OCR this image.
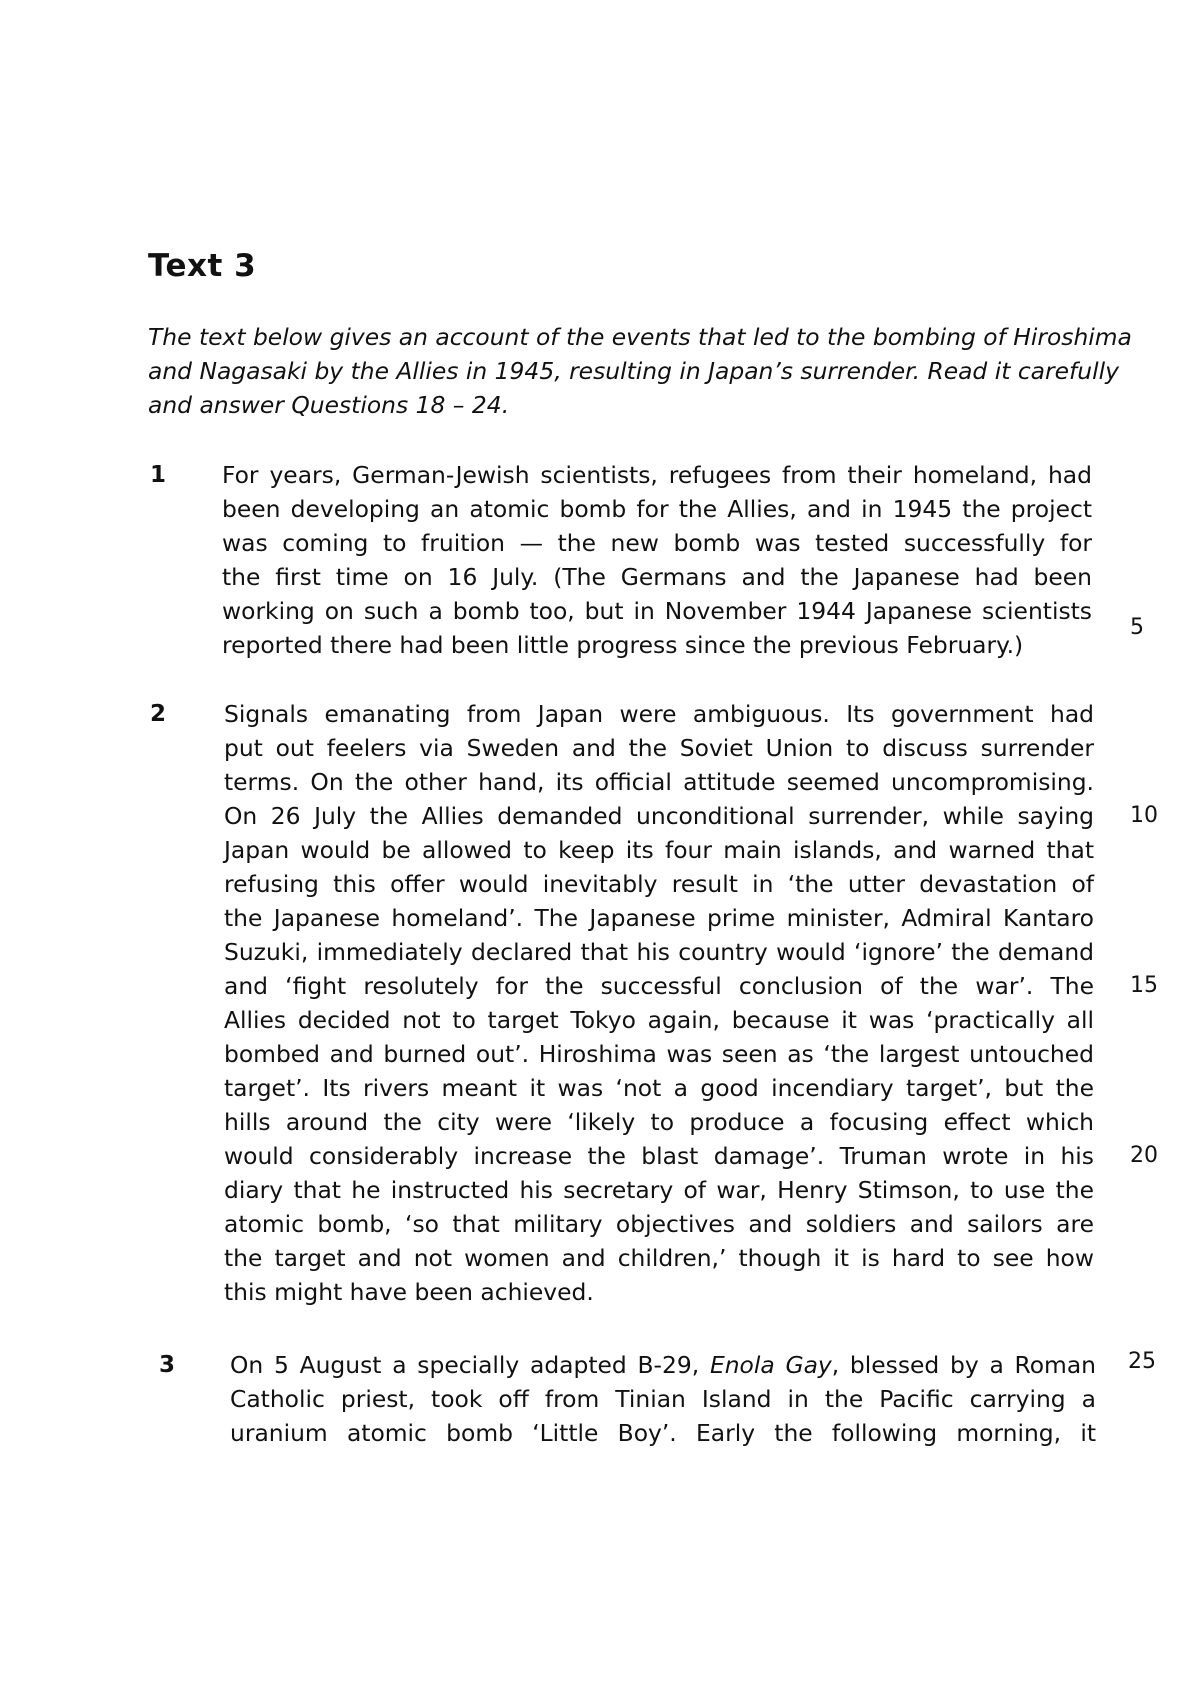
Text 3

The text below gives an account of the events that led to the bombing of Hiroshima
and Nagasaki by the Allies in 1945, resulting in Japan’s surrender. Read it carefully
and answer Questions 18 – 24.

1 For years, German-Jewish scientists, refugees from their homeland, had
been developing an atomic bomb for the Allies, and in 1945 the project
was coming to fruition — the new bomb was tested successfully for
the first time on 16 July. (The Germans and the Japanese had been
working on such a bomb too, but in November 1944 Japanese scientists
reported there had been little progress since the previous February.)
2 Signals emanating from Japan were ambiguous. Its government had
put out feelers via Sweden and the Soviet Union to discuss surrender
terms. On the other hand, its official attitude seemed uncompromising.
On 26 July the Allies demanded unconditional surrender, while saying
Japan would be allowed to keep its four main islands, and warned that
refusing this offer would inevitably result in ‘the utter devastation of
the Japanese homeland’. The Japanese prime minister, Admiral Kantaro
Suzuki, immediately declared that his country would ‘ignore’ the demand
and ‘fight resolutely for the successful conclusion of the war’. The
Allies decided not to target Tokyo again, because it was ‘practically all
bombed and burned out’. Hiroshima was seen as ‘the largest untouched
target’. Its rivers meant it was ‘not a good incendiary target’, but the
hills around the city were ‘likely to produce a focusing effect which
would considerably increase the blast damage’. Truman wrote in his
diary that he instructed his secretary of war, Henry Stimson, to use the
atomic bomb, ‘so that military objectives and soldiers and sailors are
the target and not women and children,’ though it is hard to see how
this might have been achieved.
3 On 5 August a specially adapted B-29, Enola Gay, blessed by a Roman
Catholic priest, took off from Tinian Island in the Pacific carrying a
uranium atomic bomb ‘Little Boy’. Early the following morning, it
5
10
15
20
25
